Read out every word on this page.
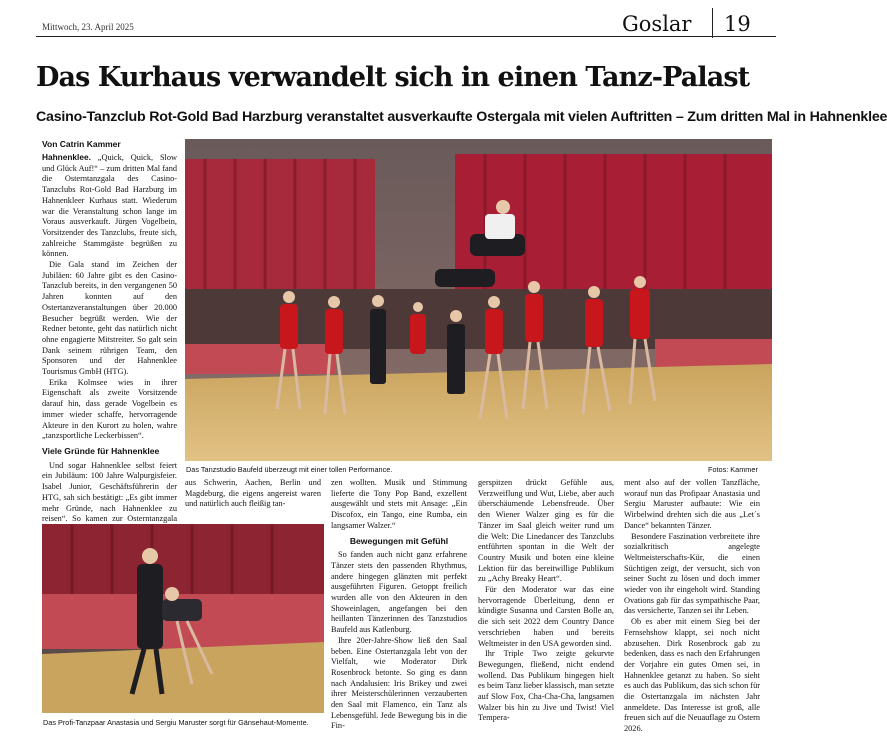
Mittwoch, 23. April 2025	Goslar 19
Das Kurhaus verwandelt sich in einen Tanz-Palast
Casino-Tanzclub Rot-Gold Bad Harzburg veranstaltet ausverkaufte Ostergala mit vielen Auftritten – Zum dritten Mal in Hahnenklee
Von Catrin Kammer

Hahnenklee. „Quick, Quick, Slow und Glück Auf!“ – zum dritten Mal fand die Osterntanzgala des Casino-Tanzclubs Rot-Gold Bad Harzburg im Hahnenkleer Kurhaus statt. Wiederum war die Veranstaltung schon lange im Voraus ausverkauft. Jürgen Vogelbein, Vorsitzender des Tanzclubs, freute sich, zahlreiche Stammgäste begrüßen zu können.

Die Gala stand im Zeichen der Jubiläen: 60 Jahre gibt es den Casino-Tanzclub bereits, in den vergangenen 50 Jahren konnten auf den Ostertanzveranstaltungen über 20.000 Besucher begrüßt werden. Wie der Redner betonte, geht das natürlich nicht ohne engagierte Mitstreiter. So galt sein Dank seinem rührigen Team, den Sponsoren und der Hahnenklee Tourismus GmbH (HTG).

Erika Kolmsee wies in ihrer Eigenschaft als zweite Vorsitzende darauf hin, dass gerade Vogelbein es immer wieder schaffe, hervorragende Akteure in den Kurort zu holen, wahre „tanzsportliche Leckerbissen“.

Viele Gründe für Hahnenklee

Und sogar Hahnenklee selbst feiert ein Jubiläum: 100 Jahre Walpurgisfeier. Isabel Junior, Geschäftsführerin der HTG, sah sich bestätigt: „Es gibt immer mehr Gründe, nach Hahnenklee zu reisen“. So kamen zur Osterntanzgala

Das Tanzstudio Baufeld überzeugt mit einer tollen Performance.	Fotos: Kammer
Das Profi-Tanzpaar Anastasia und Sergiu Maruster sorgt für Gänsehaut-Momente.

aus Schwerin, Aachen, Berlin und Magdeburg, die eigens angereist waren und natürlich auch fleißig tan-

zen wollten. Musik und Stimmung lieferte die Tony Pop Band, exzellent ausgewählt und stets mit Ansage: „Ein Discofox, ein Tango, eine Rumba, ein langsamer Walzer.“

Bewegungen mit Gefühl

So fanden auch nicht ganz erfahrene Tänzer stets den passenden Rhythmus, andere hingegen glänzten mit perfekt ausgeführten Figuren. Getoppt freilich wurden alle von den Akteuren in den Showeinlagen, angefangen bei den heillanten Tänzerinnen des Tanzstudios Baufeld aus Katlenburg.

Ihre 20er-Jahre-Show ließ den Saal beben. Eine Ostertanzgala lebt von der Vielfalt, wie Moderator Dirk Rosenbrock betonte. So ging es dann nach Andalusien: Iris Brikey und zwei ihrer Meisterschülerinnen verzauberten den Saal mit Flamenco, ein Tanz als Lebensgefühl. Jede Bewegung bis in die Fin-

gerspitzen drückt Gefühle aus, Verzweiflung und Wut, Liebe, aber auch überschäumende Lebensfreude. Über den Wiener Walzer ging es für die Tänzer im Saal gleich weiter rund um die Welt: Die Linedancer des Tanzclubs entführten spontan in die Welt der Country Musik und boten eine kleine Lektion für das bereitwillige Publikum zu „Achy Breaky Heart“.

Für den Moderator war das eine hervorragende Überleitung, denn er kündigte Susanna und Carsten Bolle an, die sich seit 2022 dem Country Dance verschrieben haben und bereits Weltmeister in den USA geworden sind.

Ihr Triple Two zeigte gekurvte Bewegungen, fließend, nicht endend wollend. Das Publikum hingegen hielt es beim Tanz lieber klassisch, man setzte auf Slow Fox, Cha-Cha-Cha, langsamen Walzer bis hin zu Jive und Twist! Viel Tempera-

ment also auf der vollen Tanzfläche, worauf nun das Profipaar Anastasia und Sergiu Maruster aufbaute: Wie ein Wirbelwind drehten sich die aus „Let´s Dance“ bekannten Tänzer.

Besondere Faszination verbreitete ihre sozialkritisch angelegte Weltmeisterschafts-Kür, die einen Süchtigen zeigt, der versucht, sich von seiner Sucht zu lösen und doch immer wieder von ihr eingeholt wird. Standing Ovations gab für das sympathische Paar, das versicherte, Tanzen sei ihr Leben.

Ob es aber mit einem Sieg bei der Fernsehshow klappt, sei noch nicht abzusehen. Dirk Rosenbrock gab zu bedenken, dass es nach den Erfahrungen der Vorjahre ein gutes Omen sei, in Hahnenklee getanzt zu haben. So sieht es auch das Publikum, das sich schon für die Ostertanzgala im nächsten Jahr anmeldete. Das Interesse ist groß, alle freuen sich auf die Neuauflage zu Ostern 2026.
